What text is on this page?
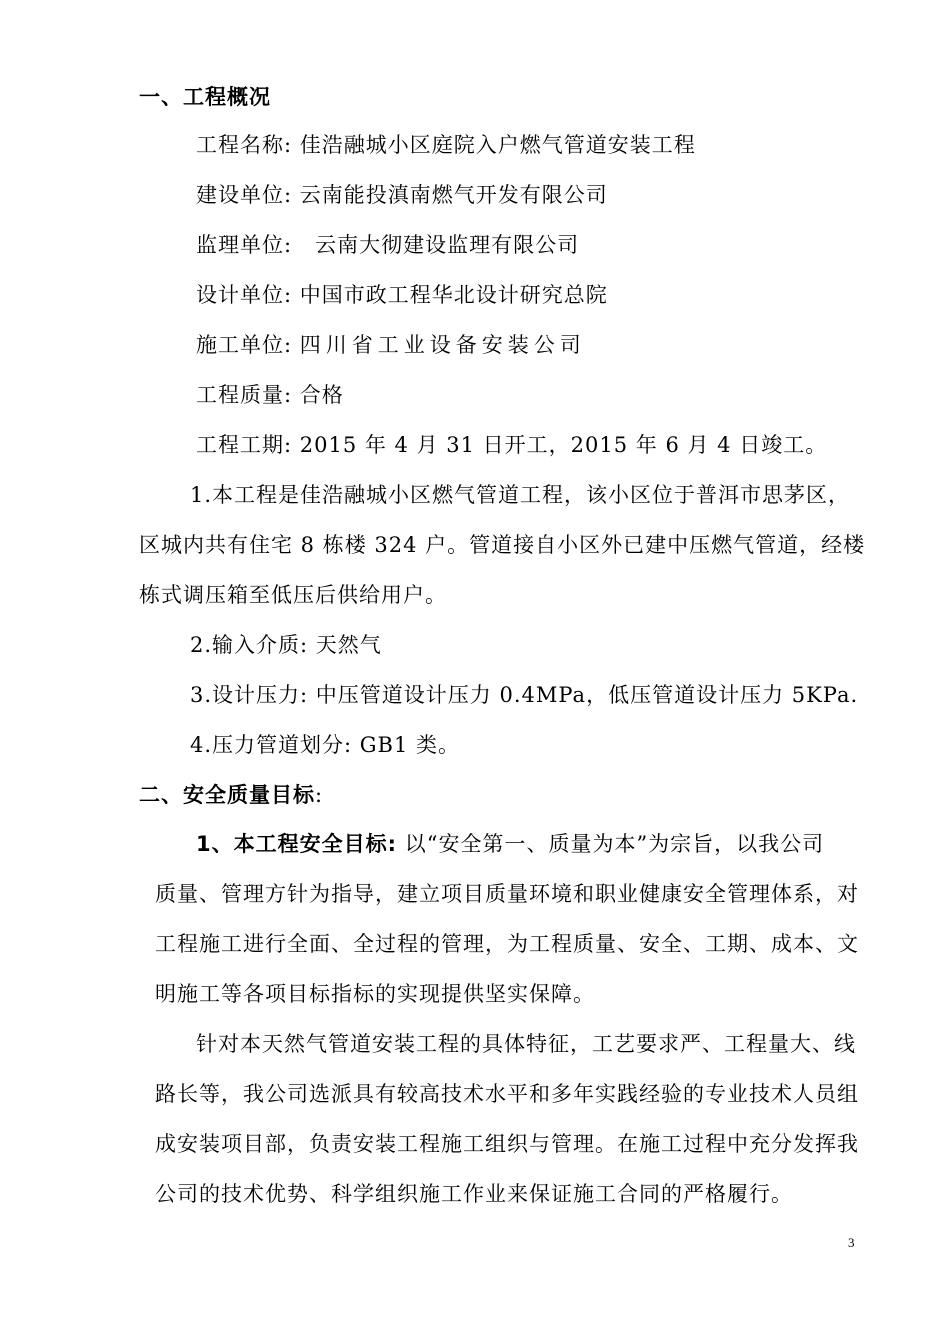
一、工程概况
工程名称: 佳浩融城小区庭院入户燃气管道安装工程
建设单位: 云南能投滇南燃气开发有限公司
监理单位: 云南大彻建设监理有限公司
设计单位: 中国市政工程华北设计研究总院
施工单位: 四川省工业设备安装公司
工程质量: 合格
工程工期: 2015 年 4 月 31 日开工，2015 年 6 月 4 日竣工。
1.本工程是佳浩融城小区燃气管道工程，该小区位于普洱市思茅区，
区城内共有住宅 8 栋楼 324 户。管道接自小区外已建中压燃气管道，经楼
栋式调压箱至低压后供给用户。
2.输入介质: 天然气
3.设计压力: 中压管道设计压力 0.4MPa，低压管道设计压力 5KPa.
4.压力管道划分: GB1 类。
二、安全质量目标:
1、本工程安全目标: 以“安全第一、质量为本”为宗旨，以我公司
质量、管理方针为指导，建立项目质量环境和职业健康安全管理体系，对
工程施工进行全面、全过程的管理，为工程质量、安全、工期、成本、文
明施工等各项目标指标的实现提供坚实保障。
针对本天然气管道安装工程的具体特征，工艺要求严、工程量大、线
路长等，我公司选派具有较高技术水平和多年实践经验的专业技术人员组
成安装项目部，负责安装工程施工组织与管理。在施工过程中充分发挥我
公司的技术优势、科学组织施工作业来保证施工合同的严格履行。
3
